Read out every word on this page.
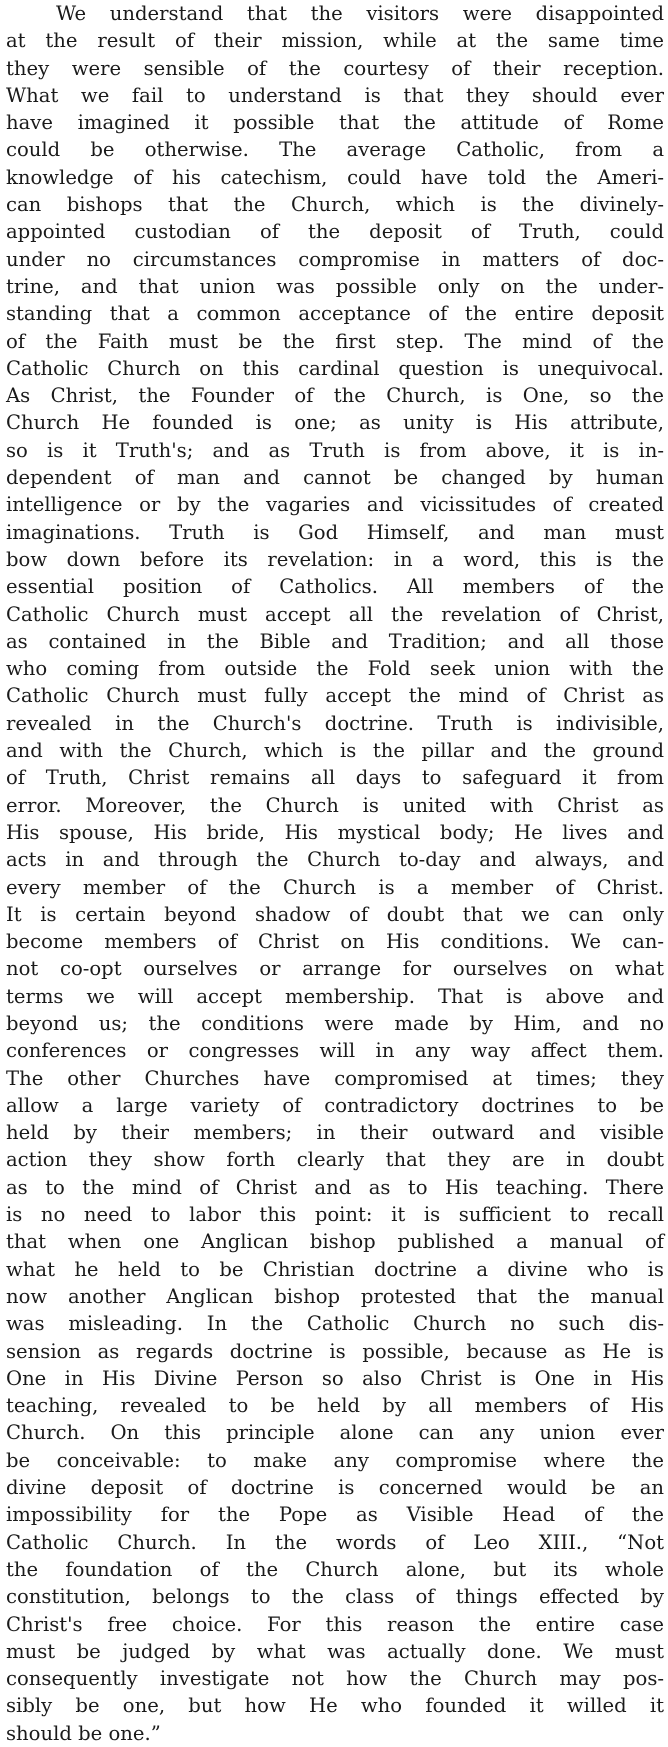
We understand that the visitors were disappointed
at the result of their mission, while at the same time
they were sensible of the courtesy of their reception.
What we fail to understand is that they should ever
have imagined it possible that the attitude of Rome
could be otherwise. The average Catholic, from a
knowledge of his catechism, could have told the Ameri-
can bishops that the Church, which is the divinely-
appointed custodian of the deposit of Truth, could
under no circumstances compromise in matters of doc-
trine, and that union was possible only on the under-
standing that a common acceptance of the entire deposit
of the Faith must be the first step. The mind of the
Catholic Church on this cardinal question is unequivocal.
As Christ, the Founder of the Church, is One, so the
Church He founded is one; as unity is His attribute,
so is it Truth's; and as Truth is from above, it is in-
dependent of man and cannot be changed by human
intelligence or by the vagaries and vicissitudes of created
imaginations. Truth is God Himself, and man must
bow down before its revelation: in a word, this is the
essential position of Catholics. All members of the
Catholic Church must accept all the revelation of Christ,
as contained in the Bible and Tradition; and all those
who coming from outside the Fold seek union with the
Catholic Church must fully accept the mind of Christ as
revealed in the Church's doctrine. Truth is indivisible,
and with the Church, which is the pillar and the ground
of Truth, Christ remains all days to safeguard it from
error. Moreover, the Church is united with Christ as
His spouse, His bride, His mystical body; He lives and
acts in and through the Church to-day and always, and
every member of the Church is a member of Christ.
It is certain beyond shadow of doubt that we can only
become members of Christ on His conditions. We can-
not co-opt ourselves or arrange for ourselves on what
terms we will accept membership. That is above and
beyond us; the conditions were made by Him, and no
conferences or congresses will in any way affect them.
The other Churches have compromised at times; they
allow a large variety of contradictory doctrines to be
held by their members; in their outward and visible
action they show forth clearly that they are in doubt
as to the mind of Christ and as to His teaching. There
is no need to labor this point: it is sufficient to recall
that when one Anglican bishop published a manual of
what he held to be Christian doctrine a divine who is
now another Anglican bishop protested that the manual
was misleading. In the Catholic Church no such dis-
sension as regards doctrine is possible, because as He is
One in His Divine Person so also Christ is One in His
teaching, revealed to be held by all members of His
Church. On this principle alone can any union ever
be conceivable: to make any compromise where the
divine deposit of doctrine is concerned would be an
impossibility for the Pope as Visible Head of the
Catholic Church. In the words of Leo XIII., “Not
the foundation of the Church alone, but its whole
constitution, belongs to the class of things effected by
Christ's free choice. For this reason the entire case
must be judged by what was actually done. We must
consequently investigate not how the Church may pos-
sibly be one, but how He who founded it willed it
should be one.”
